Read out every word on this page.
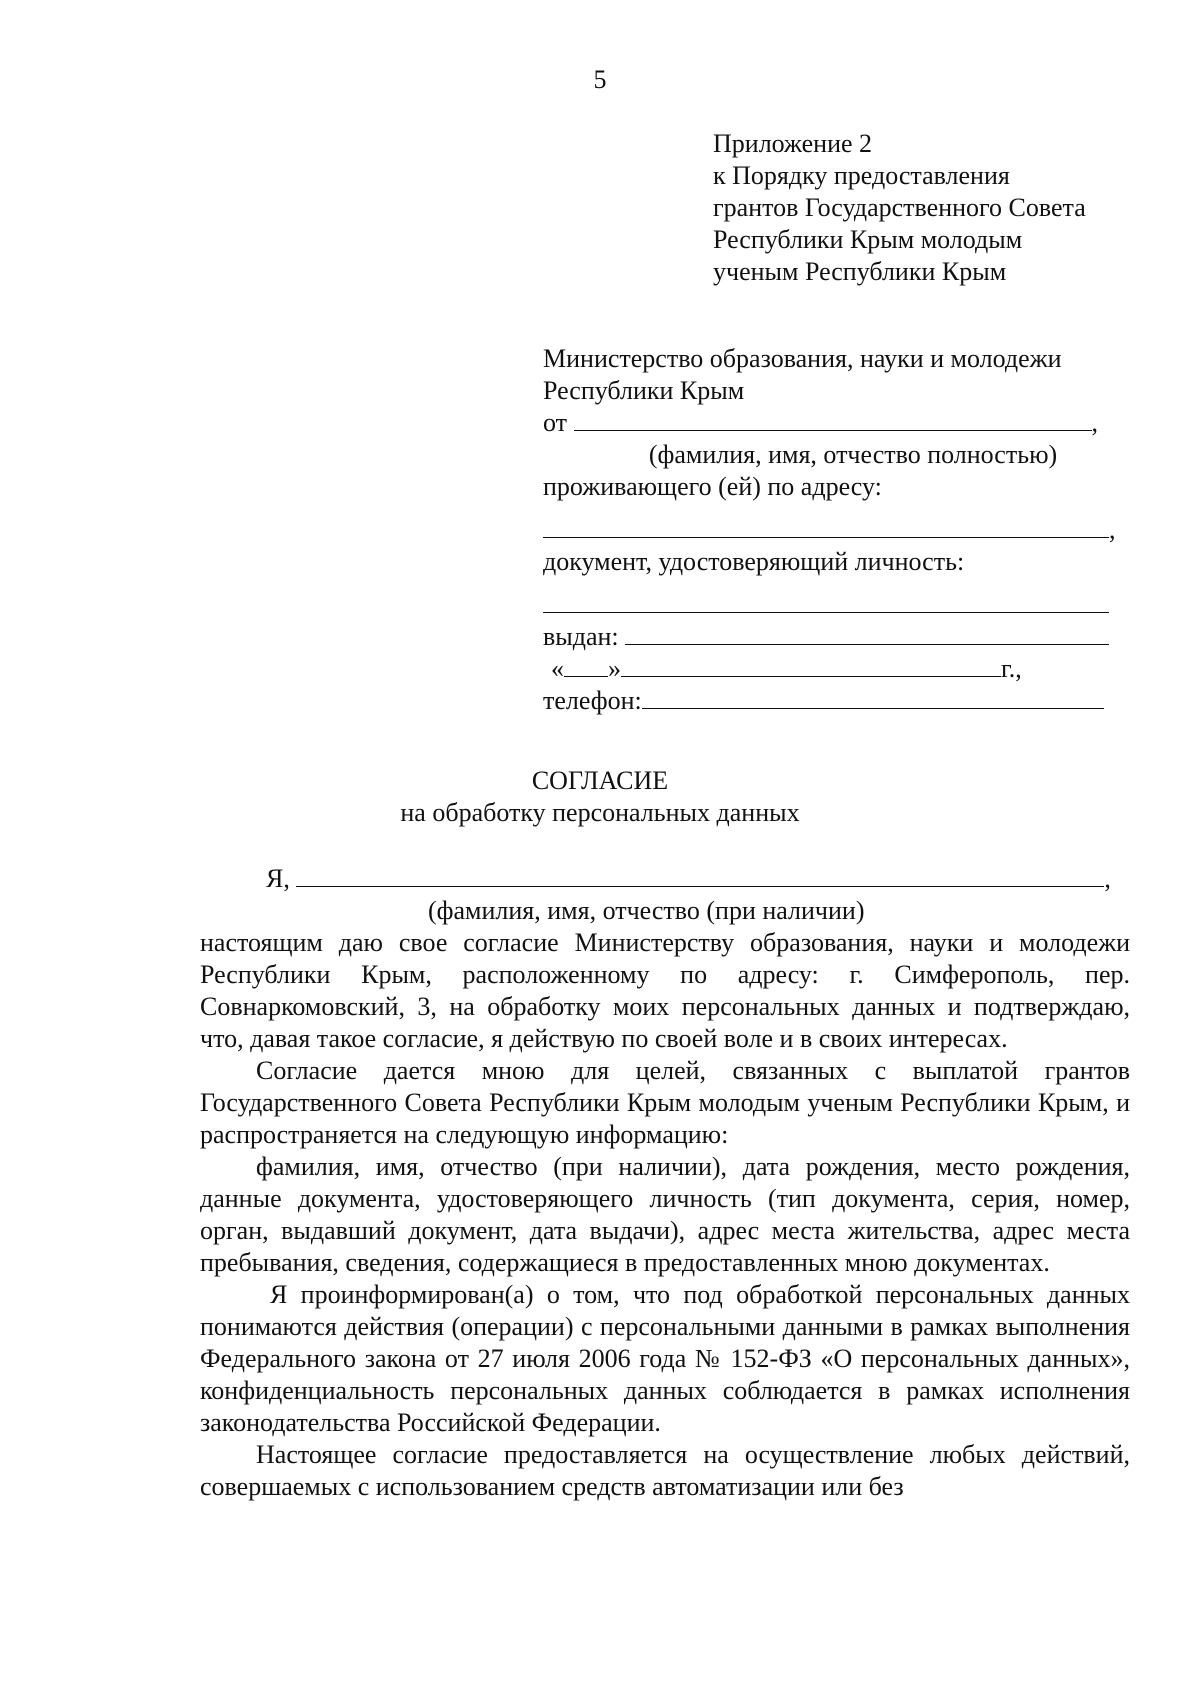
5
Приложение 2
к Порядку предоставления
грантов Государственного Совета
Республики Крым молодым
ученым Республики Крым
Министерство образования, науки и молодежи
Республики Крым
от	,
(фамилия, имя, отчество полностью)
проживающего (ей) по адресу:
,
документ, удостоверяющий личность:
выдан:
« »	г.,
телефон:
СОГЛАСИЕ
на обработку персональных данных
Я,	,
(фамилия, имя, отчество (при наличии)

настоящим даю свое согласие Министерству образования, науки и молодежи Республики Крым, расположенному по адресу: г. Симферополь, пер. Совнаркомовский, 3, на обработку моих персональных данных и подтверждаю, что, давая такое согласие, я действую по своей воле и в своих интересах.

Согласие дается мною для целей, связанных с выплатой грантов Государственного Совета Республики Крым молодым ученым Республики Крым, и распространяется на следующую информацию:

фамилия, имя, отчество (при наличии), дата рождения, место рождения, данные документа, удостоверяющего личность (тип документа, серия, номер, орган, выдавший документ, дата выдачи), адрес места жительства, адрес места пребывания, сведения, содержащиеся в предоставленных мною документах.

Я проинформирован(а) о том, что под обработкой персональных данных понимаются действия (операции) с персональными данными в рамках выполнения Федерального закона от 27 июля 2006 года № 152-ФЗ «О персональных данных», конфиденциальность персональных данных соблюдается в рамках исполнения законодательства Российской Федерации.

Настоящее согласие предоставляется на осуществление любых действий, совершаемых с использованием средств автоматизации или без
